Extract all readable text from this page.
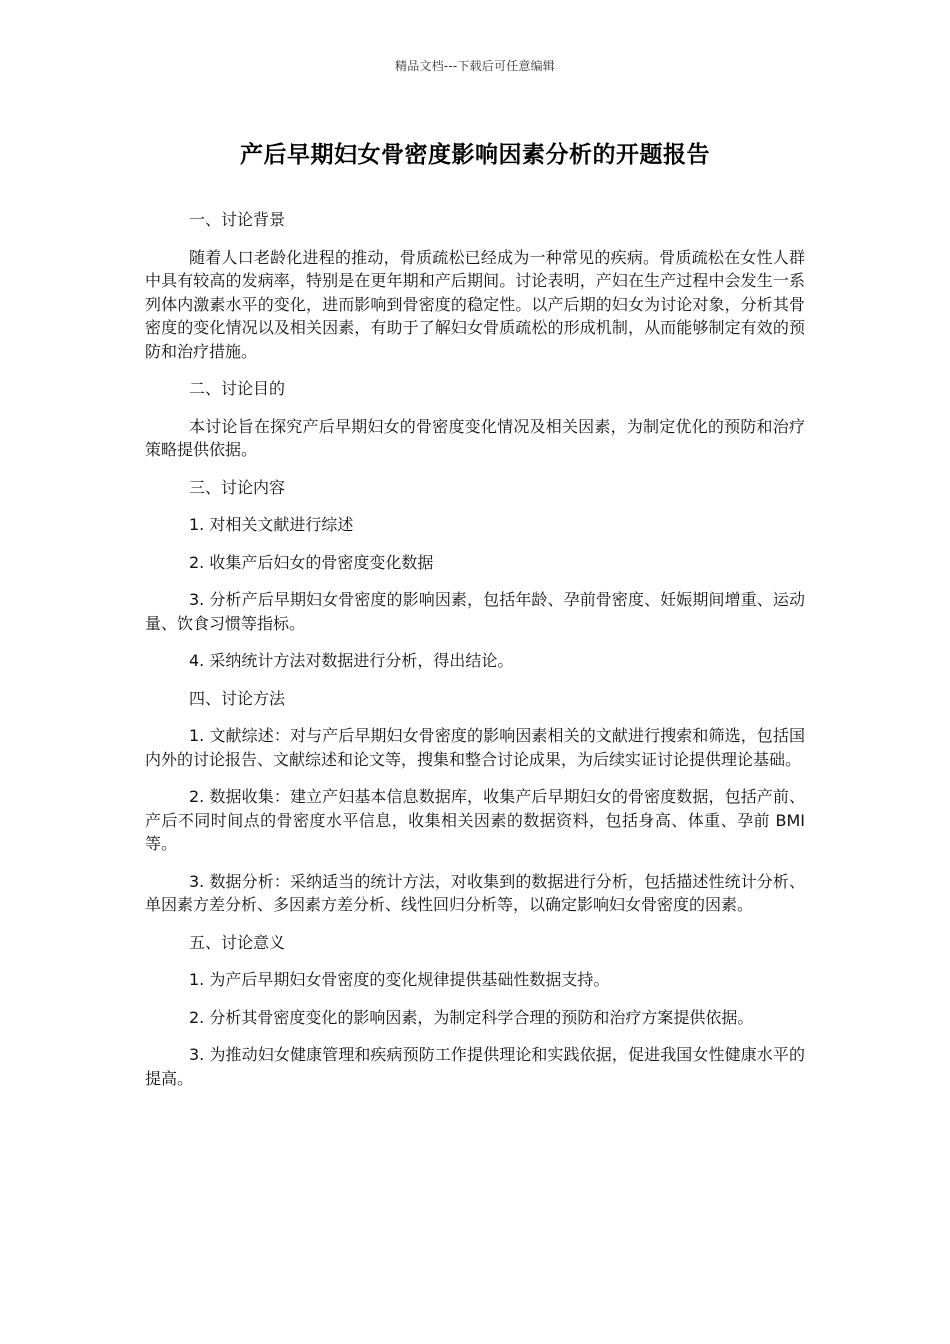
精品文档---下载后可任意编辑
产后早期妇女骨密度影响因素分析的开题报告

一、讨论背景

随着人口老龄化进程的推动，骨质疏松已经成为一种常见的疾病。骨质疏松在女性人群中具有较高的发病率，特别是在更年期和产后期间。讨论表明，产妇在生产过程中会发生一系列体内激素水平的变化，进而影响到骨密度的稳定性。以产后期的妇女为讨论对象，分析其骨密度的变化情况以及相关因素，有助于了解妇女骨质疏松的形成机制，从而能够制定有效的预防和治疗措施。

二、讨论目的

本讨论旨在探究产后早期妇女的骨密度变化情况及相关因素，为制定优化的预防和治疗策略提供依据。

三、讨论内容

1. 对相关文献进行综述

2. 收集产后妇女的骨密度变化数据

3. 分析产后早期妇女骨密度的影响因素，包括年龄、孕前骨密度、妊娠期间增重、运动量、饮食习惯等指标。

4. 采纳统计方法对数据进行分析，得出结论。

四、讨论方法

1. 文献综述：对与产后早期妇女骨密度的影响因素相关的文献进行搜索和筛选，包括国内外的讨论报告、文献综述和论文等，搜集和整合讨论成果，为后续实证讨论提供理论基础。

2. 数据收集：建立产妇基本信息数据库，收集产后早期妇女的骨密度数据，包括产前、产后不同时间点的骨密度水平信息，收集相关因素的数据资料，包括身高、体重、孕前 BMI 等。

3. 数据分析：采纳适当的统计方法，对收集到的数据进行分析，包括描述性统计分析、单因素方差分析、多因素方差分析、线性回归分析等，以确定影响妇女骨密度的因素。

五、讨论意义

1. 为产后早期妇女骨密度的变化规律提供基础性数据支持。

2. 分析其骨密度变化的影响因素，为制定科学合理的预防和治疗方案提供依据。

3. 为推动妇女健康管理和疾病预防工作提供理论和实践依据，促进我国女性健康水平的提高。
